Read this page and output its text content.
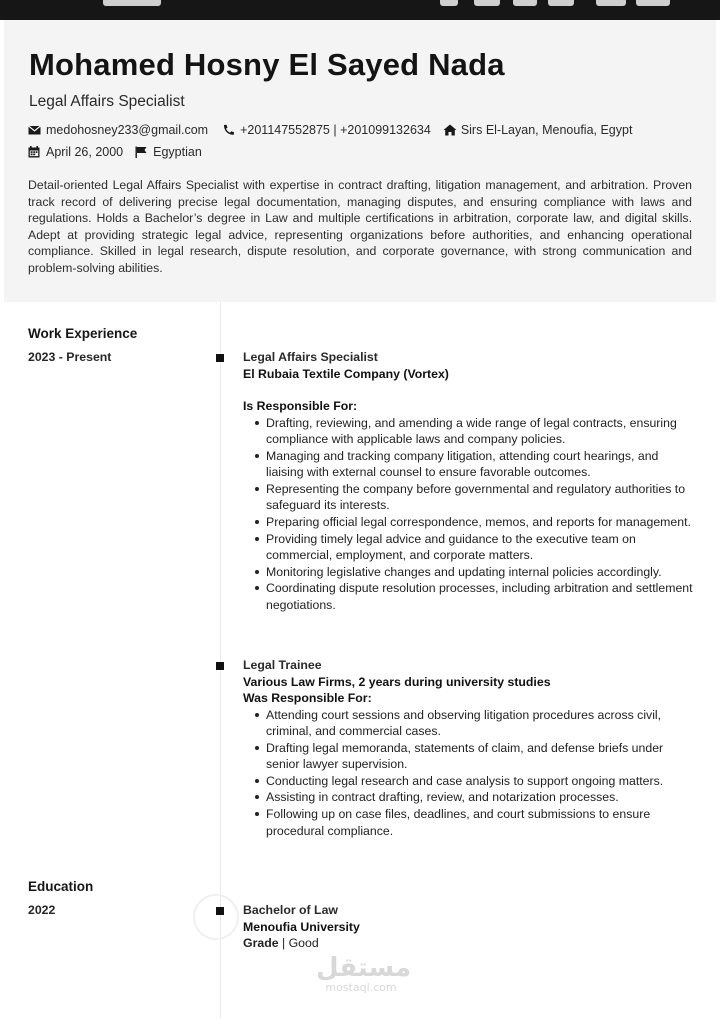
Mohamed Hosny El Sayed Nada
Legal Affairs Specialist
medohosney233@gmail.com	+201147552875 | +201099132634 Sirs El-Layan, Menoufia, Egypt
April 26, 2000 Egyptian

Detail-oriented Legal Affairs Specialist with expertise in contract drafting, litigation management, and arbitration. Proven track record of delivering precise legal documentation, managing disputes, and ensuring compliance with laws and regulations. Holds a Bachelor’s degree in Law and multiple certifications in arbitration, corporate law, and digital skills. Adept at providing strategic legal advice, representing organizations before authorities, and enhancing operational compliance. Skilled in legal research, dispute resolution, and corporate governance, with strong communication and problem-solving abilities.

Work Experience
2023 - Present	Legal Affairs Specialist
El Rubaia Textile Company (Vortex)
Is Responsible For:
Drafting, reviewing, and amending a wide range of legal contracts, ensuring compliance with applicable laws and company policies.
Managing and tracking company litigation, attending court hearings, and liaising with external counsel to ensure favorable outcomes.
Representing the company before governmental and regulatory authorities to safeguard its interests.
Preparing official legal correspondence, memos, and reports for management.
Providing timely legal advice and guidance to the executive team on commercial, employment, and corporate matters.
Monitoring legislative changes and updating internal policies accordingly.
Coordinating dispute resolution processes, including arbitration and settlement negotiations.
Legal Trainee
Various Law Firms, 2 years during university studies
Was Responsible For:
Attending court sessions and observing litigation procedures across civil, criminal, and commercial cases.
Drafting legal memoranda, statements of claim, and defense briefs under senior lawyer supervision.
Conducting legal research and case analysis to support ongoing matters.
Assisting in contract drafting, review, and notarization processes.
Following up on case files, deadlines, and court submissions to ensure procedural compliance.
Education
2022	Bachelor of Law
Menoufia University
Grade | Good
مستقل
mostaql.com
